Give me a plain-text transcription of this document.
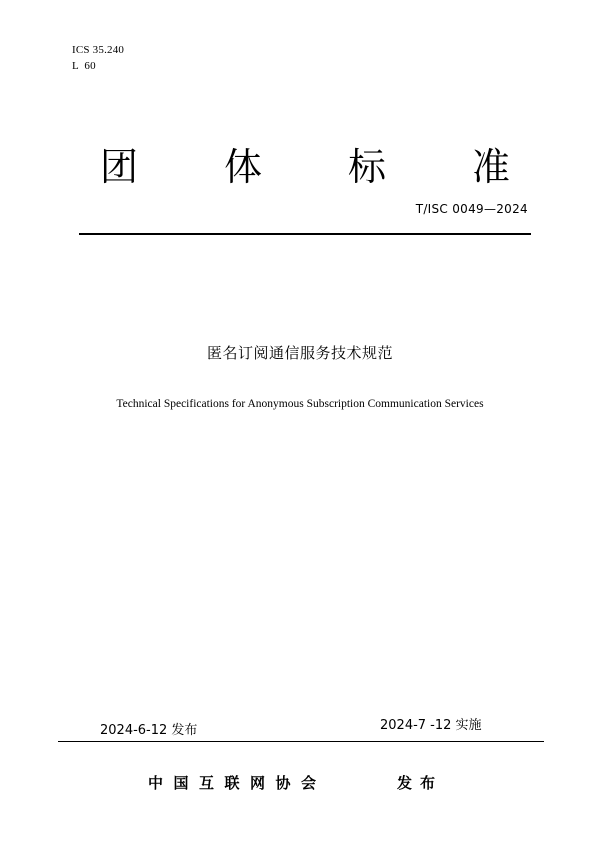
ICS 35.240
L  60
团 体 标 准
T/ISC 0049—2024
匿名订阅通信服务技术规范
Technical Specifications for Anonymous Subscription Communication Services
2024-6-12 发布	2024-7 -12 实施
中国互联网协会	发布
